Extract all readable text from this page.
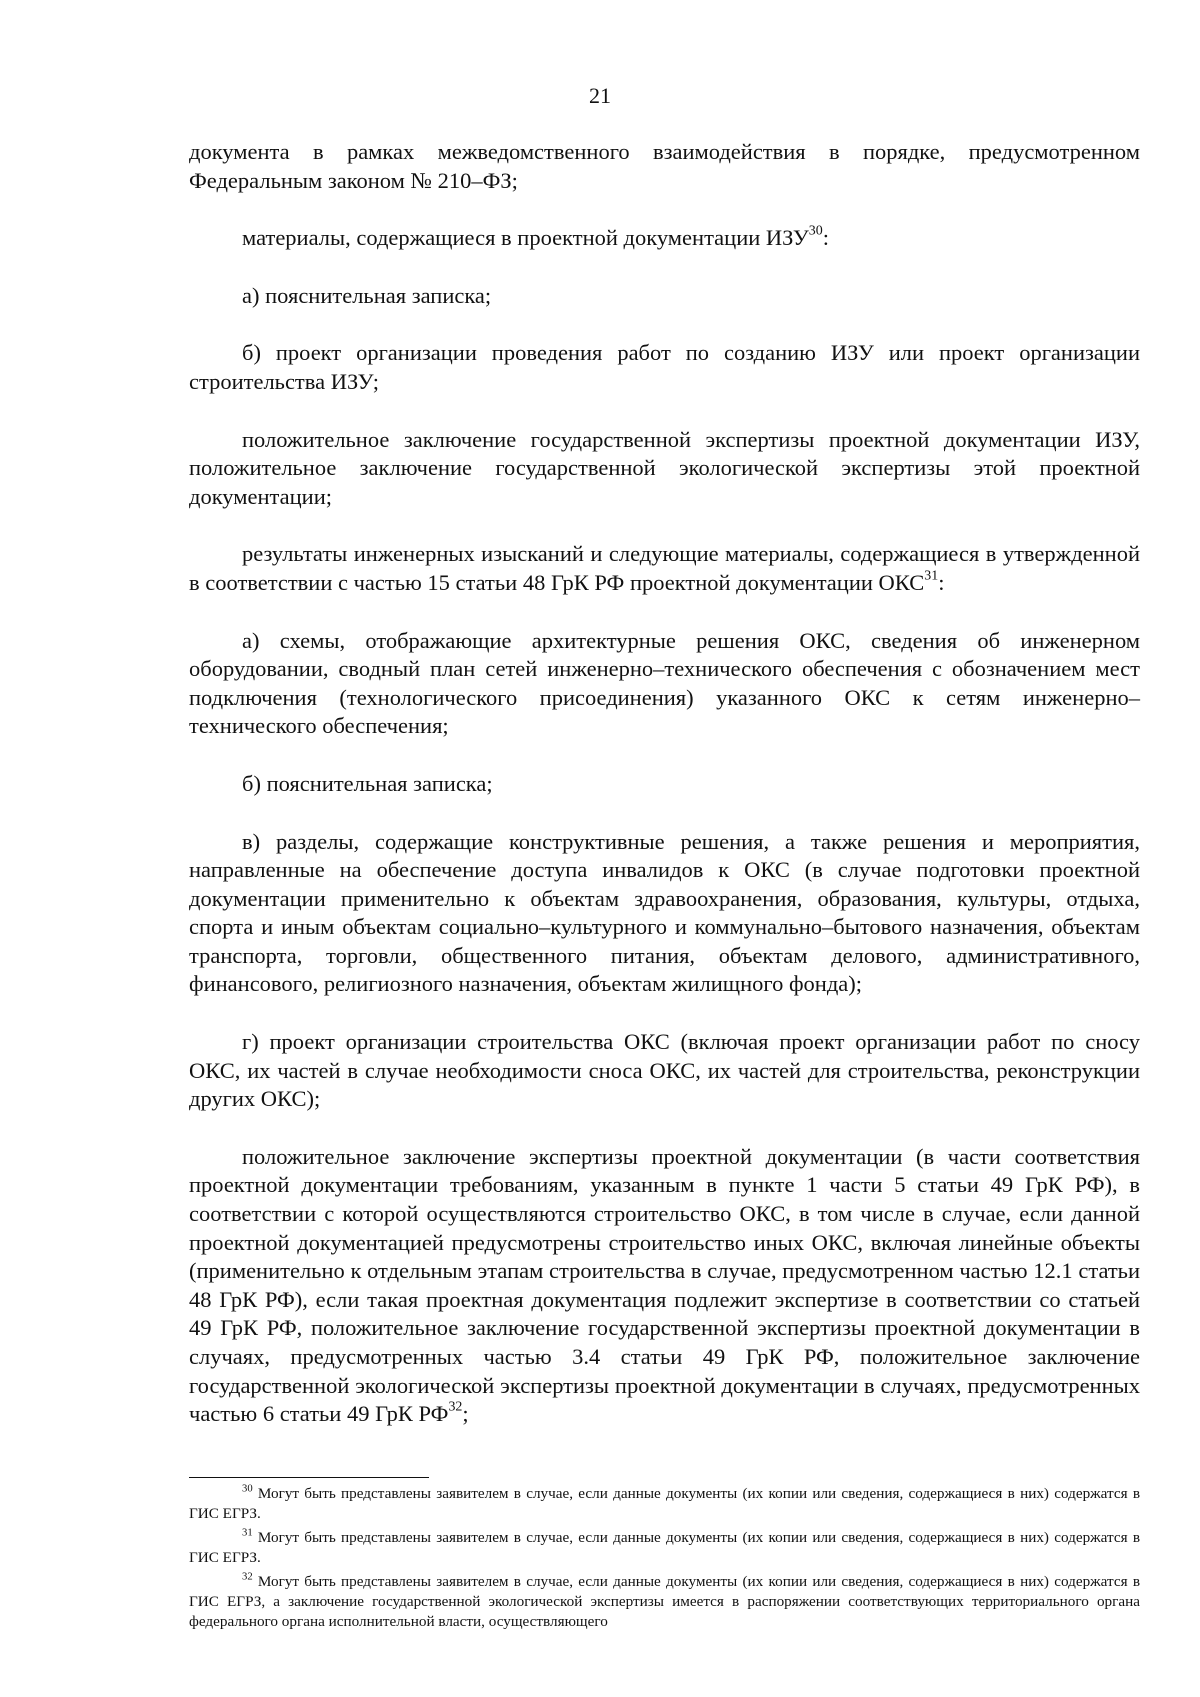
21

документа в рамках межведомственного взаимодействия в порядке, предусмотренном Федеральным законом № 210–ФЗ;

материалы, содержащиеся в проектной документации ИЗУ$^{30}$:

а) пояснительная записка;

б) проект организации проведения работ по созданию ИЗУ или проект организации строительства ИЗУ;

положительное заключение государственной экспертизы проектной документации ИЗУ, положительное заключение государственной экологической экспертизы этой проектной документации;

результаты инженерных изысканий и следующие материалы, содержащиеся в утвержденной в соответствии с частью 15 статьи 48 ГрК РФ проектной документации ОКС$^{31}$:

а) схемы, отображающие архитектурные решения ОКС, сведения об инженерном оборудовании, сводный план сетей инженерно–технического обеспечения с обозначением мест подключения (технологического присоединения) указанного ОКС к сетям инженерно–технического обеспечения;

б) пояснительная записка;

в) разделы, содержащие конструктивные решения, а также решения и мероприятия, направленные на обеспечение доступа инвалидов к ОКС (в случае подготовки проектной документации применительно к объектам здравоохранения, образования, культуры, отдыха, спорта и иным объектам социально–культурного и коммунально–бытового назначения, объектам транспорта, торговли, общественного питания, объектам делового, административного, финансового, религиозного назначения, объектам жилищного фонда);

г) проект организации строительства ОКС (включая проект организации работ по сносу ОКС, их частей в случае необходимости сноса ОКС, их частей для строительства, реконструкции других ОКС);

положительное заключение экспертизы проектной документации (в части соответствия проектной документации требованиям, указанным в пункте 1 части 5 статьи 49 ГрК РФ), в соответствии с которой осуществляются строительство ОКС, в том числе в случае, если данной проектной документацией предусмотрены строительство иных ОКС, включая линейные объекты (применительно к отдельным этапам строительства в случае, предусмотренном частью 12.1 статьи 48 ГрК РФ), если такая проектная документация подлежит экспертизе в соответствии со статьей 49 ГрК РФ, положительное заключение государственной экспертизы проектной документации в случаях, предусмотренных частью 3.4 статьи 49 ГрК РФ, положительное заключение государственной экологической экспертизы проектной документации в случаях, предусмотренных частью 6 статьи 49 ГрК РФ$^{32}$;

$^{30}$ Могут быть представлены заявителем в случае, если данные документы (их копии или сведения, содержащиеся в них) содержатся в ГИС ЕГРЗ.

$^{31}$ Могут быть представлены заявителем в случае, если данные документы (их копии или сведения, содержащиеся в них) содержатся в ГИС ЕГРЗ.

$^{32}$ Могут быть представлены заявителем в случае, если данные документы (их копии или сведения, содержащиеся в них) содержатся в ГИС ЕГРЗ, а заключение государственной экологической экспертизы имеется в распоряжении соответствующих территориального органа федерального органа исполнительной власти, осуществляющего
